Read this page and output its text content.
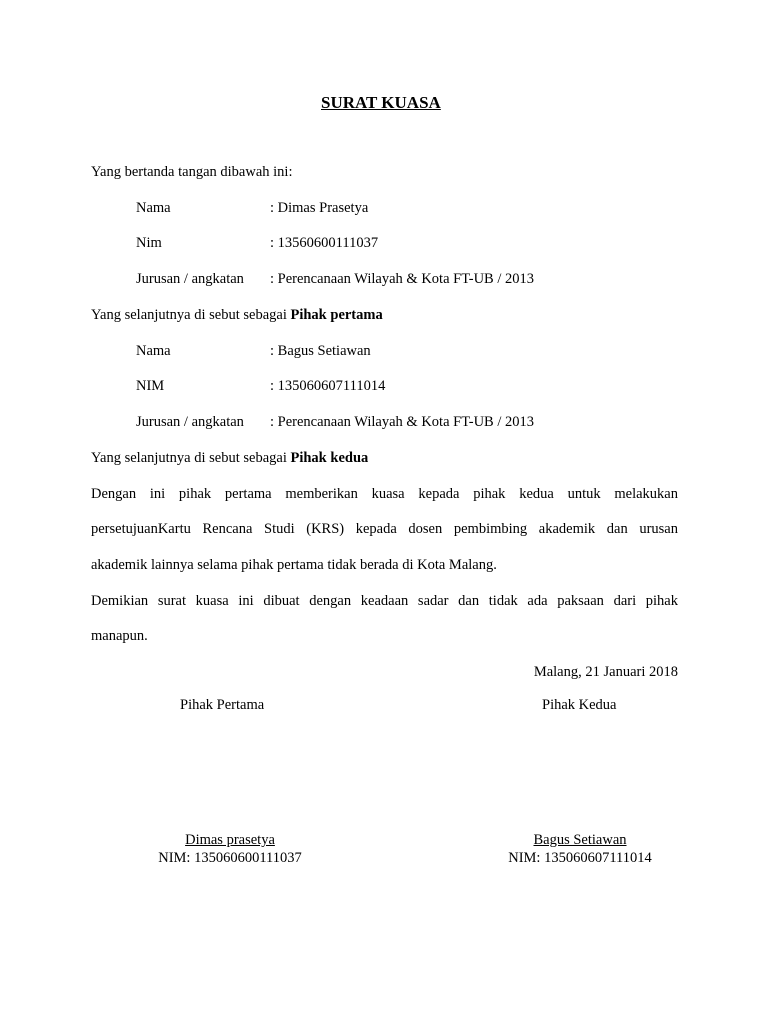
SURAT KUASA
Yang bertanda tangan dibawah ini:
Nama	: Dimas Prasetya
Nim	: 13560600111037
Jurusan / angkatan : Perencanaan Wilayah & Kota FT-UB / 2013
Yang selanjutnya di sebut sebagai Pihak pertama
Nama	: Bagus Setiawan
NIM	: 135060607111014
Jurusan / angkatan : Perencanaan Wilayah & Kota FT-UB / 2013
Yang selanjutnya di sebut sebagai Pihak kedua
Dengan ini pihak pertama memberikan kuasa kepada pihak kedua untuk melakukan
persetujuanKartu Rencana Studi (KRS) kepada dosen pembimbing akademik dan urusan
akademik lainnya selama pihak pertama tidak berada di Kota Malang.
Demikian surat kuasa ini dibuat dengan keadaan sadar dan tidak ada paksaan dari pihak
manapun.
Malang, 21 Januari 2018
Pihak Pertama	Pihak Kedua
Dimas prasetya
NIM: 135060600111037
Bagus Setiawan
NIM: 135060607111014
